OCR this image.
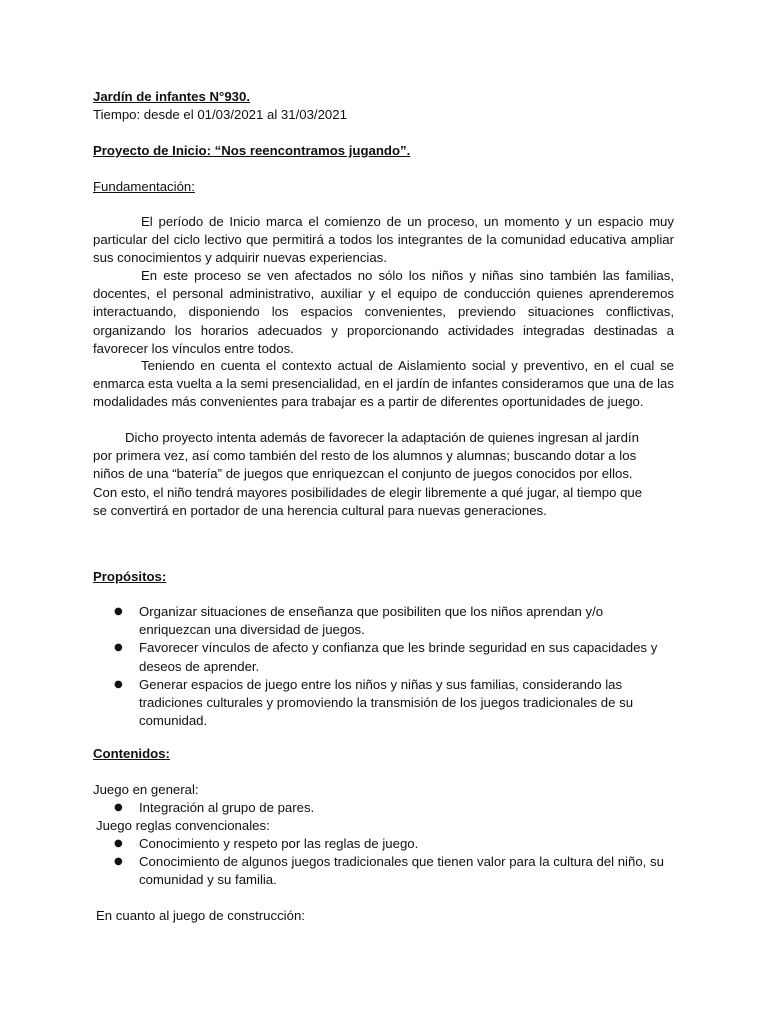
Jardín de infantes N°930.

Tiempo: desde el 01/03/2021 al 31/03/2021

Proyecto de Inicio: “Nos reencontramos jugando”.

Fundamentación:

El período de Inicio marca el comienzo de un proceso, un momento y un espacio muy particular del ciclo lectivo que permitirá a todos los integrantes de la comunidad educativa ampliar sus conocimientos y adquirir nuevas experiencias.

En este proceso se ven afectados no sólo los niños y niñas sino también las familias, docentes, el personal administrativo, auxiliar y el equipo de conducción quienes aprenderemos interactuando, disponiendo los espacios convenientes, previendo situaciones conflictivas, organizando los horarios adecuados y proporcionando actividades integradas destinadas a favorecer los vínculos entre todos.

Teniendo en cuenta el contexto actual de Aislamiento social y preventivo, en el cual se enmarca esta vuelta a la semi presencialidad, en el jardín de infantes consideramos que una de las modalidades más convenientes para trabajar es a partir de diferentes oportunidades de juego.

Dicho proyecto intenta además de favorecer la adaptación de quienes ingresan al jardín por primera vez, así como también del resto de los alumnos y alumnas; buscando dotar a los niños de una “batería” de juegos que enriquezcan el conjunto de juegos conocidos por ellos. Con esto, el niño tendrá mayores posibilidades de elegir libremente a qué jugar, al tiempo que se convertirá en portador de una herencia cultural para nuevas generaciones.

Propósitos:

● Organizar situaciones de enseñanza que posibiliten que los niños aprendan y/o enriquezcan una diversidad de juegos.
● Favorecer vínculos de afecto y confianza que les brinde seguridad en sus capacidades y deseos de aprender.
● Generar espacios de juego entre los niños y niñas y sus familias, considerando las tradiciones culturales y promoviendo la transmisión de los juegos tradicionales de su comunidad.

Contenidos:

Juego en general:

● Integración al grupo de pares.

Juego reglas convencionales:

● Conocimiento y respeto por las reglas de juego.
● Conocimiento de algunos juegos tradicionales que tienen valor para la cultura del niño, su comunidad y su familia.

En cuanto al juego de construcción:
